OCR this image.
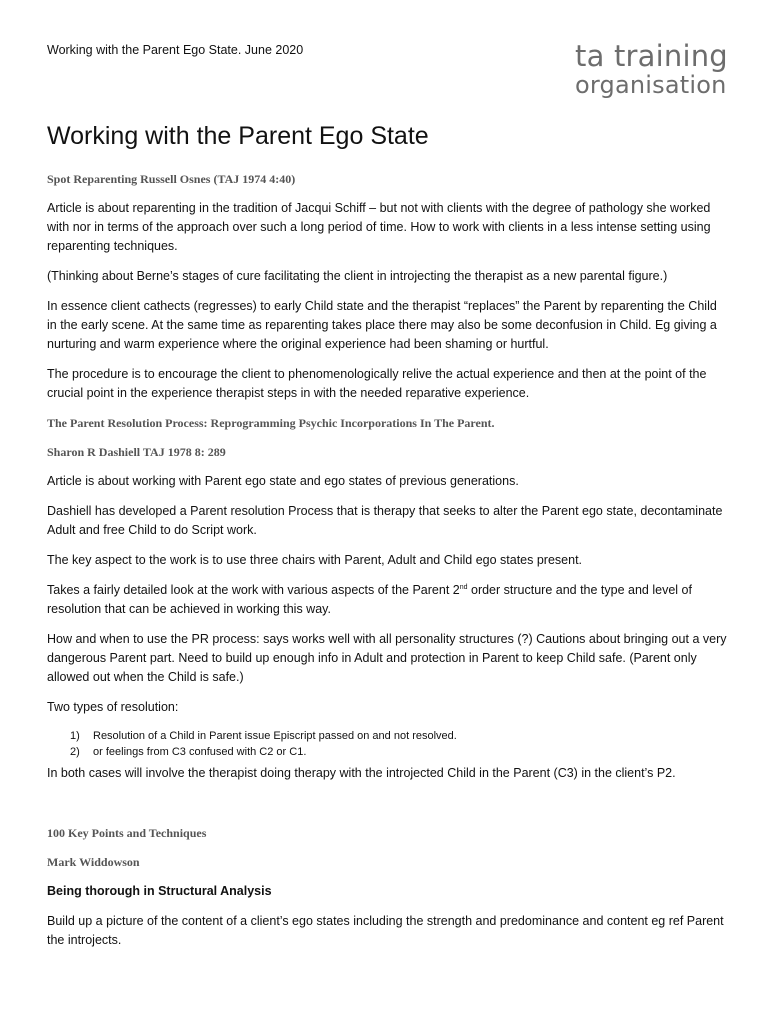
Working with the Parent Ego State. June 2020	ta training
organisation
Working with the Parent Ego State
Spot Reparenting Russell Osnes (TAJ 1974 4:40)

Article is about reparenting in the tradition of Jacqui Schiff – but not with clients with the degree of pathology she worked with nor in terms of the approach over such a long period of time. How to work with clients in a less intense setting using reparenting techniques.

(Thinking about Berne’s stages of cure facilitating the client in introjecting the therapist as a new parental figure.)

In essence client cathects (regresses) to early Child state and the therapist “replaces” the Parent by reparenting the Child in the early scene. At the same time as reparenting takes place there may also be some deconfusion in Child. Eg giving a nurturing and warm experience where the original experience had been shaming or hurtful.

The procedure is to encourage the client to phenomenologically relive the actual experience and then at the point of the crucial point in the experience therapist steps in with the needed reparative experience.

The Parent Resolution Process: Reprogramming Psychic Incorporations In The Parent.
Sharon R Dashiell TAJ 1978 8: 289

Article is about working with Parent ego state and ego states of previous generations.

Dashiell has developed a Parent resolution Process that is therapy that seeks to alter the Parent ego state, decontaminate Adult and free Child to do Script work.

The key aspect to the work is to use three chairs with Parent, Adult and Child ego states present.

Takes a fairly detailed look at the work with various aspects of the Parent 2nd order structure and the type and level of resolution that can be achieved in working this way.

How and when to use the PR process: says works well with all personality structures (?) Cautions about bringing out a very dangerous Parent part. Need to build up enough info in Adult and protection in Parent to keep Child safe. (Parent only allowed out when the Child is safe.)

Two types of resolution:

1)	Resolution of a Child in Parent issue Episcript passed on and not resolved.
2)	or feelings from C3 confused with C2 or C1.

In both cases will involve the therapist doing therapy with the introjected Child in the Parent (C3) in the client’s P2.

100 Key Points and Techniques
Mark Widdowson
Being thorough in Structural Analysis

Build up a picture of the content of a client’s ego states including the strength and predominance and content eg ref Parent the introjects.
